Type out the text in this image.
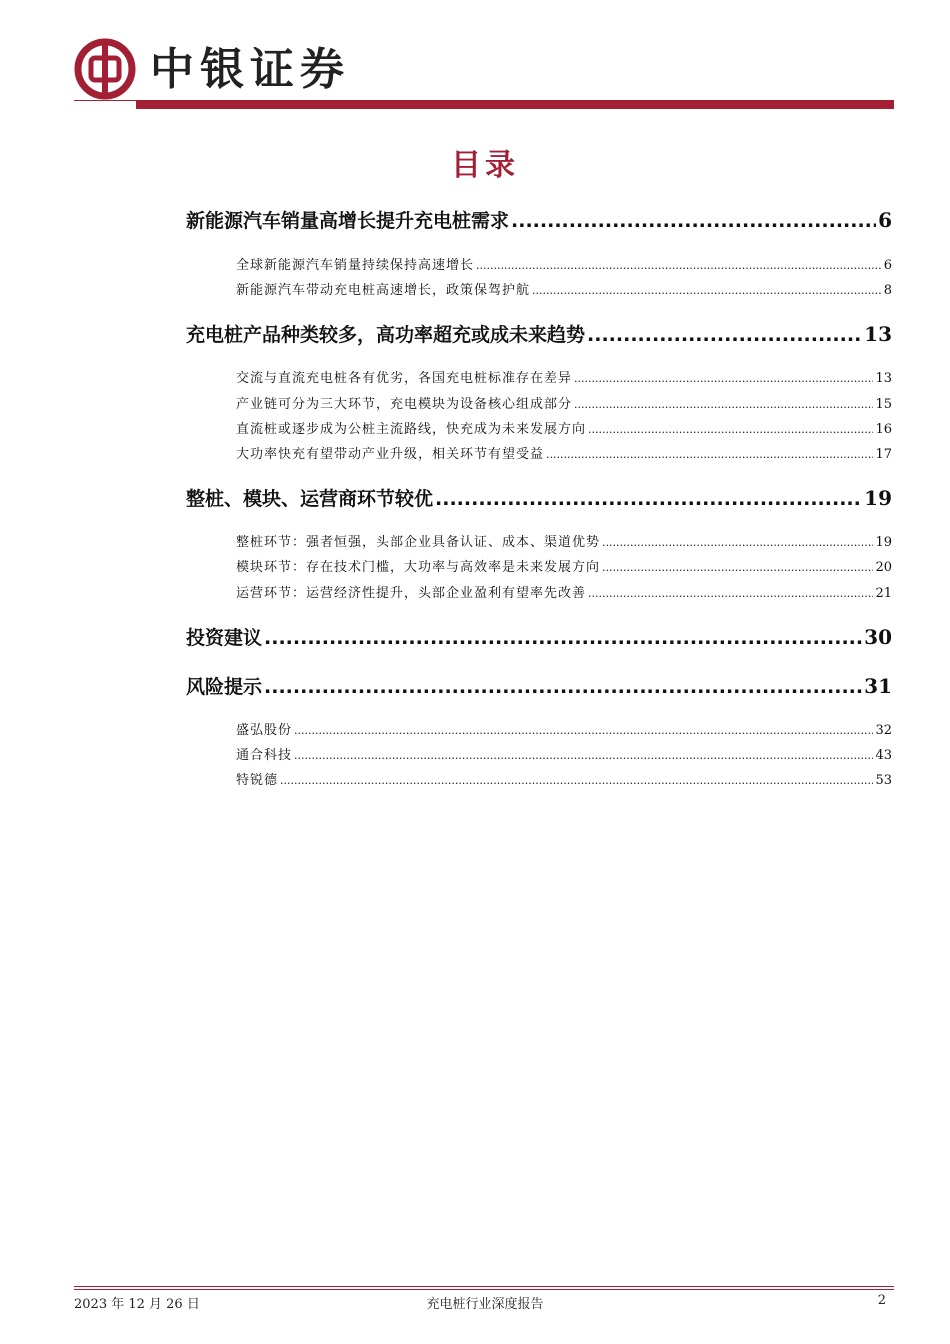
中银证券
目录
新能源汽车销量高增长提升充电桩需求 .....	6
全球新能源汽车销量持续保持高速增长 .....	6
新能源汽车带动充电桩高速增长，政策保驾护航 .....	8
充电桩产品种类较多，高功率超充或成未来趋势 .....	13
交流与直流充电桩各有优劣，各国充电桩标准存在差异 .....	13
产业链可分为三大环节，充电模块为设备核心组成部分 .....	15
直流桩或逐步成为公桩主流路线，快充成为未来发展方向 .....	16
大功率快充有望带动产业升级，相关环节有望受益 .....	17
整桩、模块、运营商环节较优 .....	19
整桩环节：强者恒强，头部企业具备认证、成本、渠道优势 .....	19
模块环节：存在技术门槛，大功率与高效率是未来发展方向 .....	20
运营环节：运营经济性提升，头部企业盈利有望率先改善 .....	21
投资建议 .....	30
风险提示 .....	31
盛弘股份 .....	32
通合科技 .....	43
特锐德 .....	53
2023 年 12 月 26 日	充电桩行业深度报告	2
